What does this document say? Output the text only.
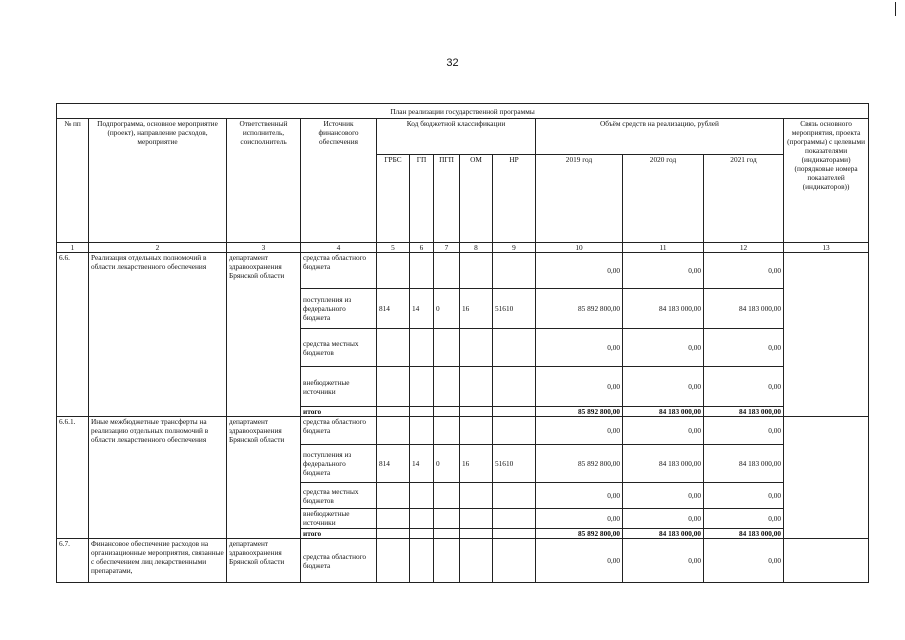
32
План реализации государственной программы												
№ пп	Подпрограмма, основное мероприятие (проект), направление расходов, мероприятие	Ответственный исполнитель, соисполнитель	Источник финансового обеспечения	Код бюджетной классификации					Объём средств на реализацию, рублей			Связь основного мероприятия, проекта (программы) с целевыми показателями (индикаторами) (порядковые номера показателей (индикаторов))
				ГРБС	ГП	ПГП	ОМ	НР	2019 год	2020 год	2021 год	
1	2	3	4	5	6	7	8	9	10	11	12	13
6.6.	Реализация отдельных полномочий в области лекарственного обеспечения	департамент здравоохранения Брянской области	средства областного бюджета						0,00	0,00	0,00	
			поступления из федерального бюджета	814	14	0	16	51610	85 892 800,00	84 183 000,00	84 183 000,00	
			средства местных бюджетов						0,00	0,00	0,00	
			внебюджетные источники						0,00	0,00	0,00	
			итого						85 892 800,00	84 183 000,00	84 183 000,00	
6.6.1.	Иные межбюджетные трансферты на реализацию отдельных полномочий в области лекарственного обеспечения	департамент здравоохранения Брянской области	средства областного бюджета						0,00	0,00	0,00	
			поступления из федерального бюджета	814	14	0	16	51610	85 892 800,00	84 183 000,00	84 183 000,00	
			средства местных бюджетов						0,00	0,00	0,00	
			внебюджетные источники						0,00	0,00	0,00	
			итого						85 892 800,00	84 183 000,00	84 183 000,00	
6.7.	Финансовое обеспечение расходов на организационные мероприятия, связанные с обеспечением лиц лекарственными препаратами,	департамент здравоохранения Брянской области	средства областного бюджета						0,00	0,00	0,00	
